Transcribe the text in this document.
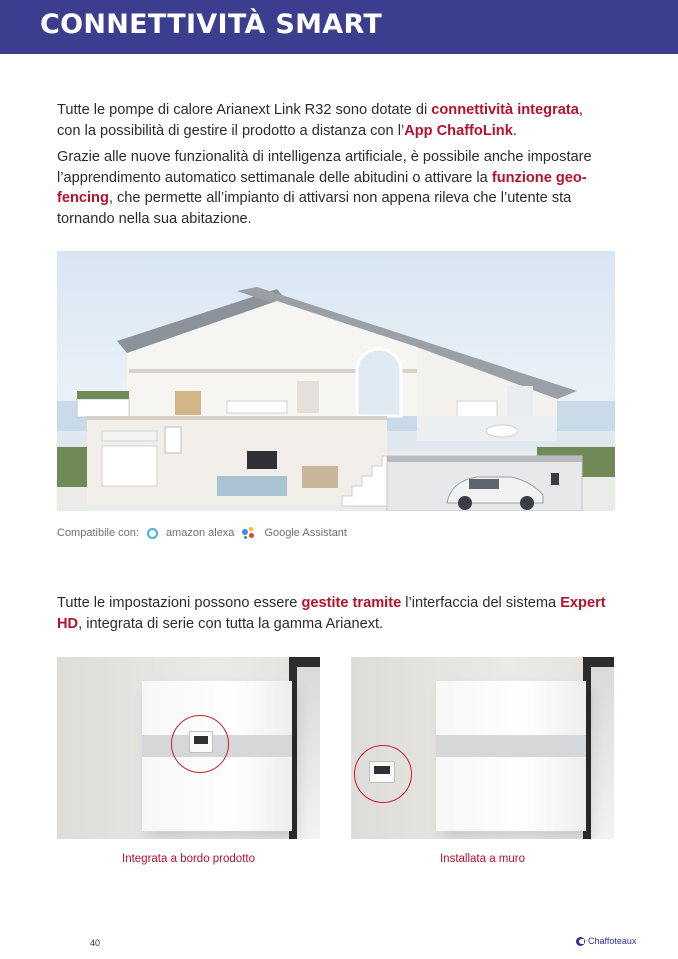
CONNETTIVITÀ SMART

Tutte le pompe di calore Arianext Link R32 sono dotate di connettività integrata,
con la possibilità di gestire il prodotto a distanza con l’App ChaffoLink.

Grazie alle nuove funzionalità di intelligenza artificiale, è possibile anche impostare
l’apprendimento automatico settimanale delle abitudini o attivare la funzione geo-
fencing, che permette all’impianto di attivarsi non appena rileva che l’utente sta
tornando nella sua abitazione.

Compatibile con: amazon alexa	Google Assistant

Tutte le impostazioni possono essere gestite tramite l’interfaccia del sistema Expert
HD, integrata di serie con tutta la gamma Arianext.

Integrata a bordo prodotto	Installata a muro
40	Chaffoteaux
